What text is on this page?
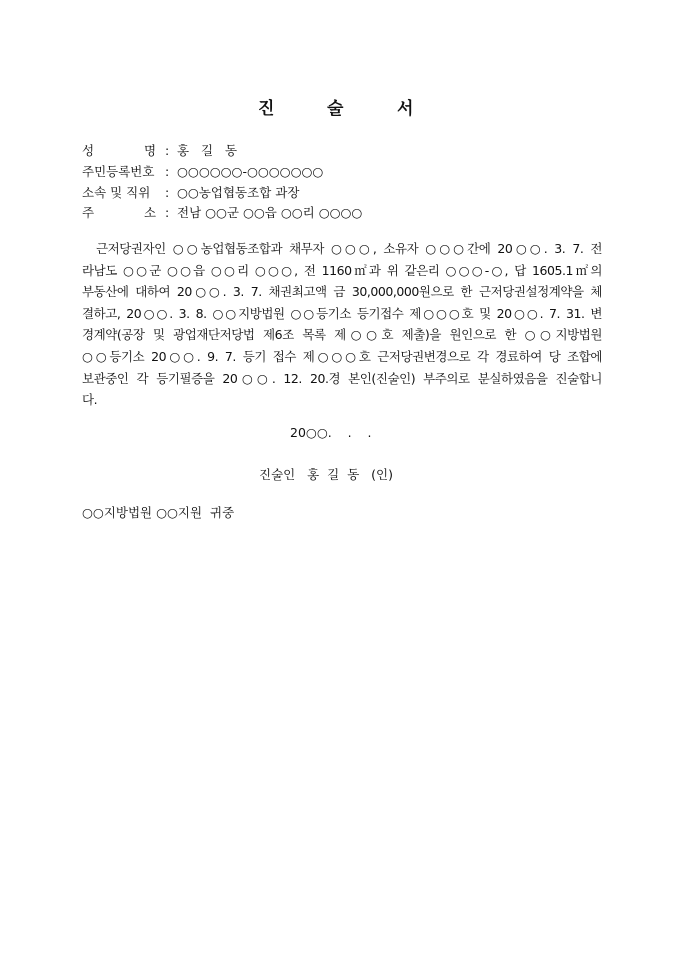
진	술	서
성	명 : 홍   길   동
주민등록번호 : ○○○○○○-○○○○○○○
소속 및 직위 : ○○농업협동조합 과장
주	소 : 전남 ○○군 ○○읍 ○○리 ○○○○
근저당권자인 ○○농업협동조합과 채무자 ○○○, 소유자 ○○○간에 20○○. 3. 7. 전
라남도 ○○군 ○○읍 ○○리 ○○○, 전 1160㎡과 위 같은리 ○○○-○, 답 1605.1㎡의
부동산에 대하여 20○○. 3. 7. 채권최고액 금 30,000,000원으로 한 근저당권설정계약을 체
결하고, 20○○. 3. 8. ○○지방법원 ○○등기소 등기접수 제○○○호 및 20○○. 7. 31. 변
경계약(공장 및 광업재단저당법 제6조 목록 제○○호 제출)을 원인으로 한 ○○지방법원
○○등기소 20○○. 9. 7. 등기 접수 제○○○호 근저당권변경으로 각 경료하여 당 조합에
보관중인 각 등기필증을 20○○. 12. 20.경 본인(진술인) 부주의로 분실하였음을 진술합니
다.
20○○.    .    .
진술인   홍  길  동   (인)
○○지방법원 ○○지원  귀중
